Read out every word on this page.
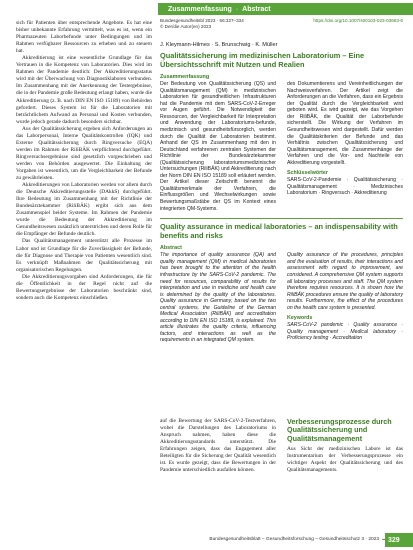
sich für Patienten über entsprechende Angebote. Es hat eine bisher unbekannte Erfahrung vermittelt, was es ist, wenn ein Pharmazeuten Laborbefunde unter Bedingungen und im Rahmen verfügbarer Ressourcen zu erheben und zu steuern hat.

Akkreditierung ist eine wesentliche Grundlage für das Vertrauen in die Kompetenz von Laboratorien. Dies wird im Rahmen der Pandemie deutlich: Der Akkreditierungsstatus wird mit der Überwachung von Diagnostiklaboren verbunden. Im Zusammenhang mit der Anerkennung der Testergebnisse, die in der Pandemie große Bedeutung erlangt haben, wurde die Akkreditierung (z. B. nach DIN EN ISO 15189) von Behörden gefordert. Dieses System ist für die Laboratorien mit beträchtlichem Aufwand an Personal und Kosten verbunden, wurde jedoch gerade dadurch besonders sichtbar.

Aus der Qualitätssicherung ergeben sich Anforderungen an das Laborpersonal, Interne Qualitätskontrollen (IQK) und Externe Qualitätssicherung durch Ringversuche (EQA) werden im Rahmen der RiliBÄK verpflichtend durchgeführt. Ringversuchsergebnisse sind gesetzlich vorgeschrieben und werden von Behörden ausgewertet. Die Einhaltung der Vorgaben ist wesentlich, um die Vergleichbarkeit der Befunde zu gewährleisten.

Akkreditierungen von Laboratorien werden vor allem durch die Deutsche Akkreditierungsstelle (DAkkS) durchgeführt. Ihre Bedeutung im Zusammenhang mit der Richtlinie der Bundesärztekammer (RiliBÄK) ergibt sich aus dem Zusammenspiel beider Systeme. Im Rahmen der Pandemie wurde die Bedeutung der Akkreditierung im Gesundheitswesen zusätzlich unterstrichen und deren Rolle für die Empfänger der Befunde deutlich.

Das Qualitätsmanagement unterstützt alle Prozesse im Labor und ist Grundlage für die Zuverlässigkeit der Befunde, die für Diagnose und Therapie von Patienten wesentlich sind. Es verknüpft Maßnahmen der Qualitätssicherung mit organisatorischen Regelungen.

Die Akkreditierungsvorgaben sind Anforderungen, die für die Öffentlichkeit in der Regel nicht auf die Bewertungsergebnisse der Laboratorien beschränkt sind, sondern auch die Kompetenz einschließen.

Zusammenfassung · Abstract
Bundesgesundheitsbl 2023 · 66:327–334	https://doi.org/10.1007/s00103-023-03663-6
© Der/die Autor(en) 2023
J. Kleymann-Hilmes · S. Brunschwig · K. Müller
Qualitätssicherung im medizinischen Laboratorium – Eine Übersichtsschrift mit Nutzen und Realien
Zusammenfassung
Der Bedeutung von Qualitätssicherung (QS) und Qualitätsmanagement (QM) in medizinischen Laboratorien für gesundheitlichen Infrastrukturen hat die Pandemie mit dem SARS-CoV-2-Erreger vor Augen geführt. Die Notwendigkeit der Ressourcen, der Vergleichbarkeit für Interpretation und Anwendung der Laboratoriums-befunde, medizinisch und gesundheitsfürsorglich, werden durch die Qualität der Laboratorien bestimmt. Anhand der QS im Zusammenhang mit den in Deutschland verfahrenen zentralen Systemen der Richtlinie der Bundesärztekammer (Qualitätssicherung laboratoriumsmedizinischer Untersuchungen (RiliBÄK) und Akkreditierung nach der Norm DIN EN ISO 15189 soll erläutert werden. Der Artikel dieser Zeitschrift benennt die Qualitätsmerkmale der Verfahren, die Einflussgrößen und Wechselwirkungen sowie Bewertungsmaßstäbe der QS im Kontext eines integrierten QM-Systems.
des Dokumentierens und Vereinheitlichungen der Nachweisverfahren. Der Artikel zeigt die Anforderungen an die Verfahren, dass ein Ergebnis der Qualität durch die Vergleichbarkeit wird geboten wird. Es wird gezeigt, wie das Vorgehen der RiliBÄK, die Qualität der Laborbefunde sicherstellt. Die Wirkung der Verfahren im Gesundheitswesen wird dargestellt. Dafür werden die Qualitätskriterien der Befunde und das Verhältnis zwischen Qualitätssicherung und Qualitätsmanagement, die Zusammenhänge der Verfahren und die Vor- und Nachteile von Akkreditierung vorgestellt.
Schlüsselwörter
SARS-CoV-2-Pandemie · Qualitätssicherung · Qualitätsmanagement · Medizinisches Laboratorium · Ringversuch · Akkreditierung
Quality assurance in medical laboratories – an indispensability with benefits and risks
Abstract
The importance of quality assurance (QA) and quality management (QM) in medical laboratories has been brought to the attention of the health infrastructure by the SARS-CoV-2 pandemic. The need for resources, comparability of results for interpretation and use in medicine and health care is determined by the quality of the laboratories. Quality assurance in Germany, based on the two central systems, the Guideline of the German Medical Association (RiliBÄK) and accreditation according to DIN EN ISO 15189, is explained. This article illustrates the quality criteria, influencing factors, and interactions as well as the requirements in an integrated QM system.
Quality assurance of the procedures, principles and the evaluation of results, their interactions and assessment with regard to improvement, are considered. A comprehensive QM system supports all laboratory processes and staff. The QM system therefore requires resources. It is shown how the RiliBÄK procedures ensure the quality of laboratory results. Furthermore, the effect of the procedures on the health care system is presented.
Keywords
SARS-CoV-2 pandemic · Quality assurance · Quality management · Medical laboratory · Proficiency testing · Accreditation
auf die Bewertung der SARS-CoV-2-Testverfahren, wobei die Darstellungen des Laboratoriums in Anspruch nahmen, haben diese die Akkreditierungsstandards unterstützt. Die Erfahrungen zeigen, dass das Engagement aller Beteiligten für die Sicherung der Qualität wesentlich ist. Es wurde gezeigt, dass die Bewertungen in der Pandemie unterschiedlich ausfallen können.
Verbesserungsprozesse durch Qualitätssicherung und Qualitätsmanagement
Aus Sicht der medizinischen Labore ist das Instrumentarium der Verbesserungsprozesse ein wichtiger Aspekt der Qualitätssicherung und des Qualitätsmanagements.
Bundesgesundheitsblatt – Gesundheitsforschung – Gesundheitsschutz 3 · 2023	329
